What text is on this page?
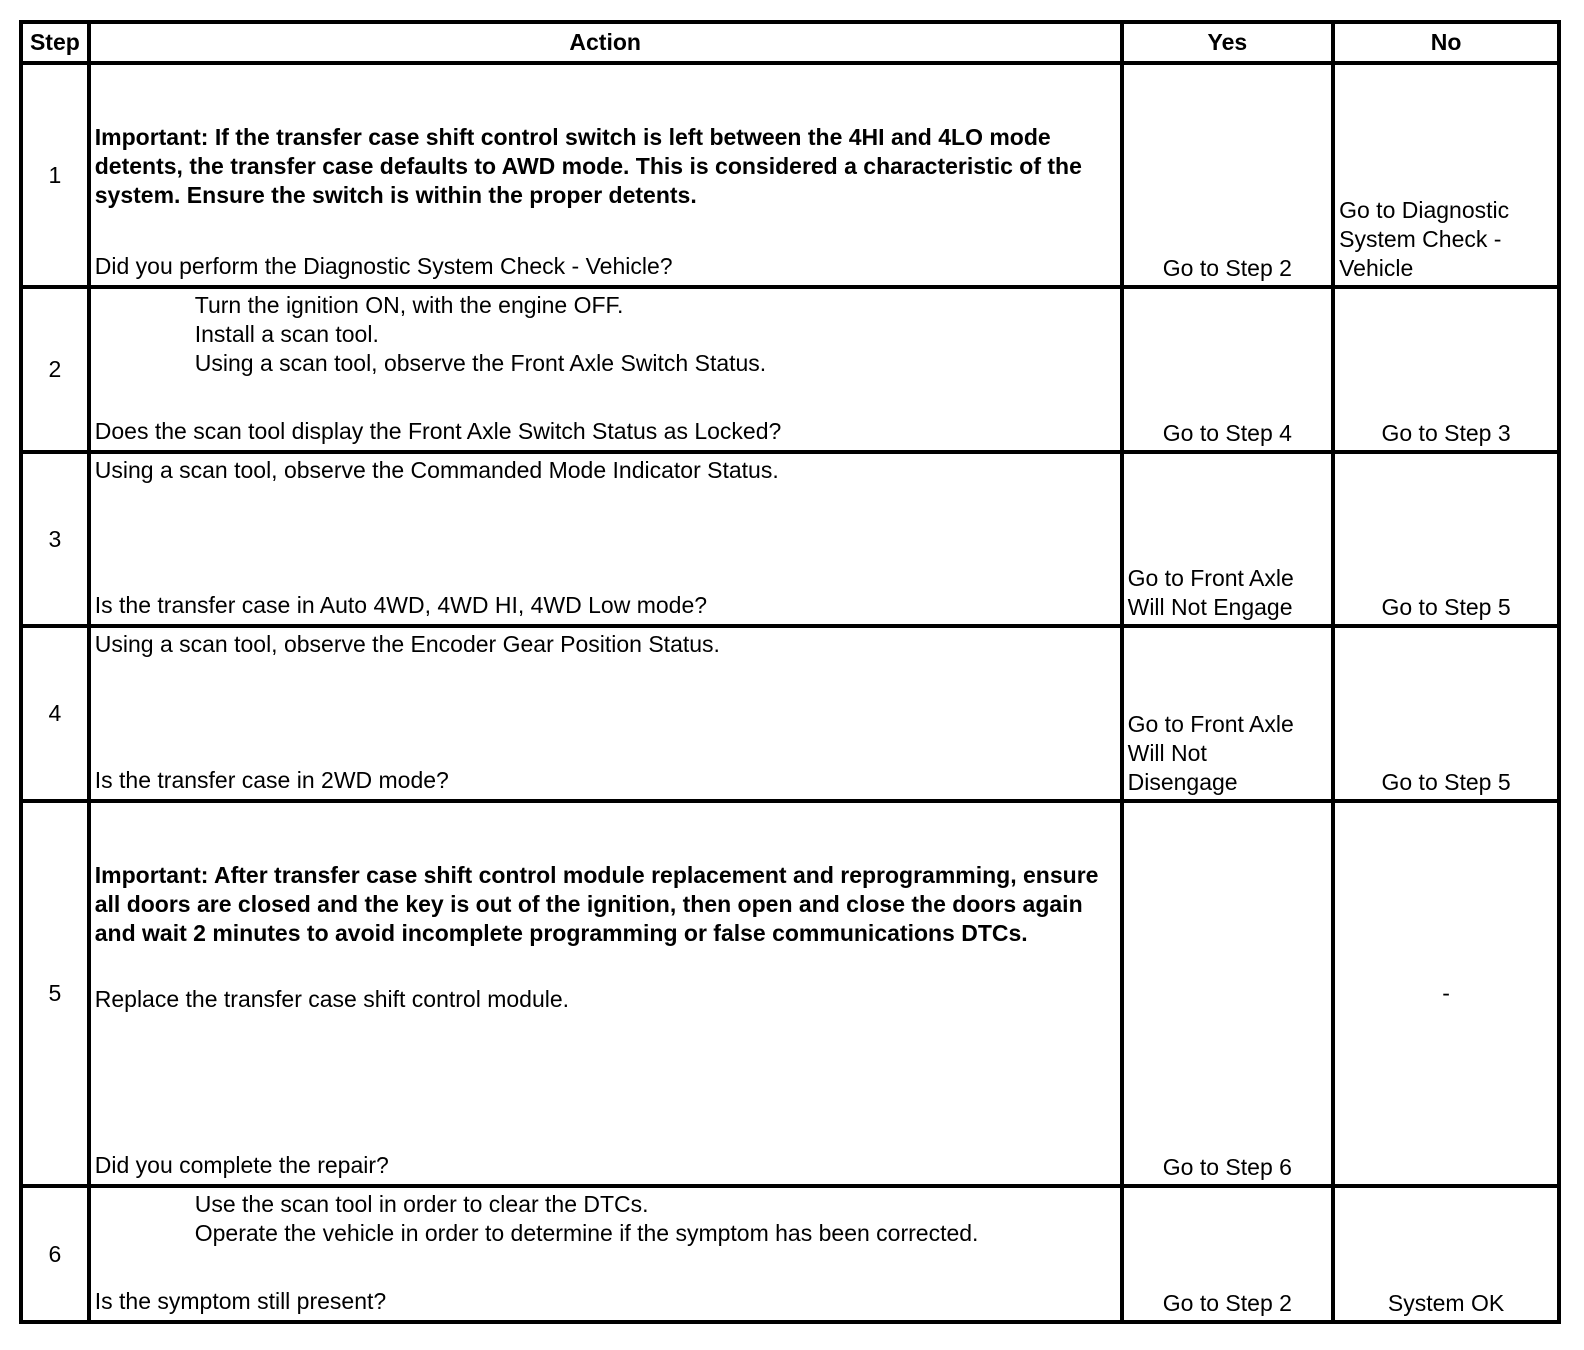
Step	Action	Yes	No
1	Important: If the transfer case shift control switch is left between the 4HI and 4LO mode detents, the transfer case defaults to AWD mode. This is considered a characteristic of the system. Ensure the switch is within the proper detents.
Did you perform the Diagnostic System Check - Vehicle?	Go to Step 2	Go to Diagnostic System Check - Vehicle
2	Turn the ignition ON, with the engine OFF.
Install a scan tool.
Using a scan tool, observe the Front Axle Switch Status.
Does the scan tool display the Front Axle Switch Status as Locked?	Go to Step 4	Go to Step 3
3	Using a scan tool, observe the Commanded Mode Indicator Status.
Is the transfer case in Auto 4WD, 4WD HI, 4WD Low mode?	Go to Front Axle Will Not Engage	Go to Step 5
4	Using a scan tool, observe the Encoder Gear Position Status.
Is the transfer case in 2WD mode?	Go to Front Axle Will Not Disengage	Go to Step 5
5	Important: After transfer case shift control module replacement and reprogramming, ensure all doors are closed and the key is out of the ignition, then open and close the doors again and wait 2 minutes to avoid incomplete programming or false communications DTCs.
Replace the transfer case shift control module.
Did you complete the repair?	Go to Step 6	-
6	Use the scan tool in order to clear the DTCs.
Operate the vehicle in order to determine if the symptom has been corrected.
Is the symptom still present?	Go to Step 2	System OK
